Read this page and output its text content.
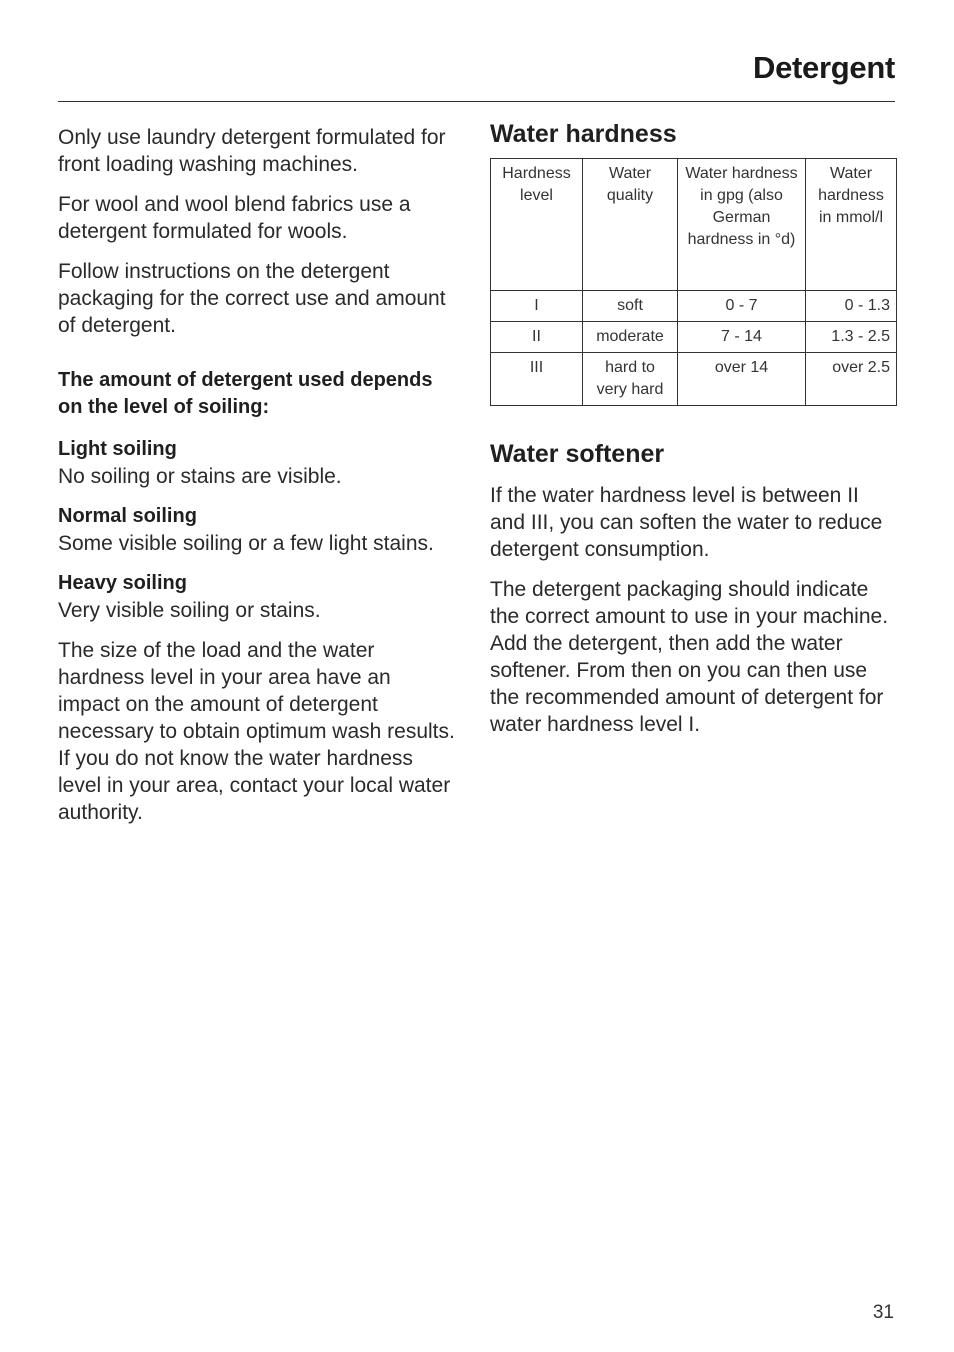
Detergent

Only use laundry detergent formulated for front loading washing machines.

For wool and wool blend fabrics use a detergent formulated for wools.

Follow instructions on the detergent packaging for the correct use and amount of detergent.

The amount of detergent used depends on the level of soiling:

Light soiling

No soiling or stains are visible.

Normal soiling

Some visible soiling or a few light stains.

Heavy soiling

Very visible soiling or stains.

The size of the load and the water hardness level in your area have an impact on the amount of detergent necessary to obtain optimum wash results. If you do not know the water hardness level in your area, contact your local water authority.

Water hardness
Hardness level	Water quality	Water hardness in gpg (also German hardness in °d)	Water hardness in mmol/l
I	soft	0 - 7	0 - 1.3
II	moderate	7 - 14	1.3 - 2.5
III	hard to very hard	over 14	over 2.5
Water softener

If the water hardness level is between II and III, you can soften the water to reduce detergent consumption.

The detergent packaging should indicate the correct amount to use in your machine. Add the detergent, then add the water softener. From then on you can then use the recommended amount of detergent for water hardness level I.

31
